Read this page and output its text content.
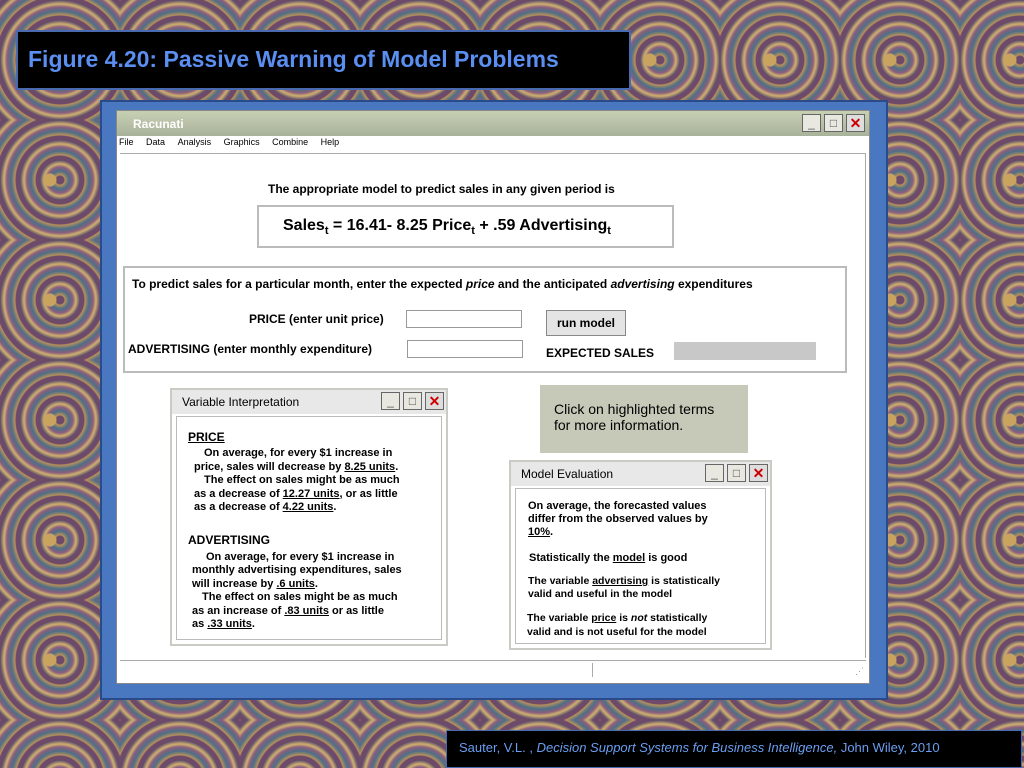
Figure 4.20: Passive Warning of Model Problems
Racunati	_	□ ✕
File Data Analysis Graphics Combine Help
The appropriate model to predict sales in any given period is
Sales$_t$ = 16.41- 8.25 Price$_t$ + .59 Advertising$_t$
To predict sales for a particular month, enter the expected price and the anticipated advertising expenditures
PRICE (enter unit price)
ADVERTISING (enter monthly expenditure)
run model
EXPECTED SALES
⋰
Click on highlighted terms for more information.
Variable Interpretation	_	□ ✕

PRICE

On average, for every $1 increase in

price, sales will decrease by 8.25 units.

The effect on sales might be as much

as a decrease of 12.27 units, or as little

as a decrease of 4.22 units.

ADVERTISING

On average, for every $1 increase in

monthly advertising expenditures, sales

will increase by .6 units.

The effect on sales might be as much

as an increase of .83 units or as little

as .33 units.

Model Evaluation	_	□ ✕

On average, the forecasted values

differ from the observed values by

10%.

Statistically the model is good

The variable advertising is statistically

valid and useful in the model

The variable price is not statistically

valid and is not useful for the model

Sauter, V.L. , Decision Support Systems for Business Intelligence, John Wiley, 2010
